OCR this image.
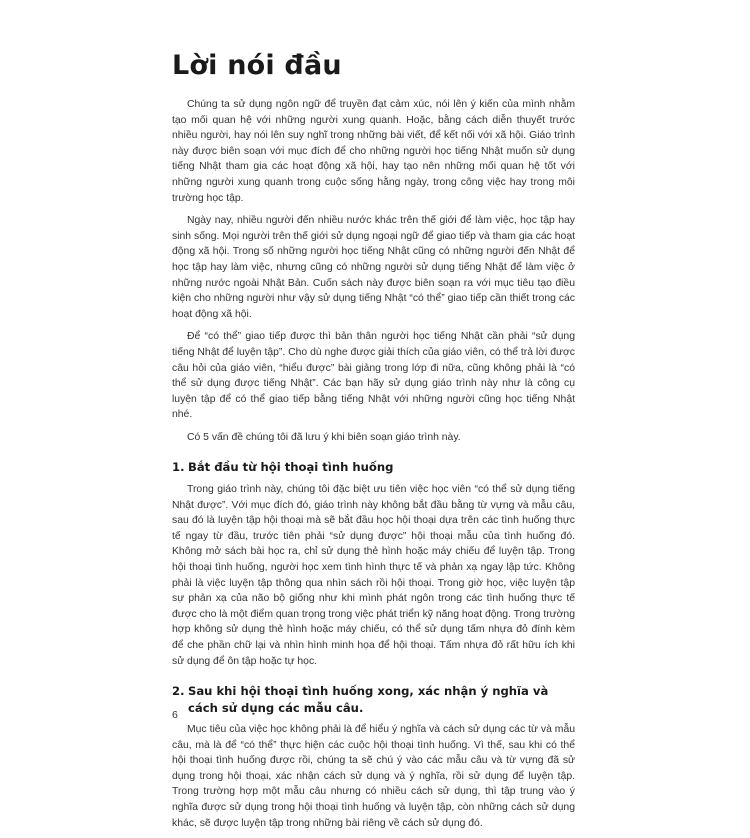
Lời nói đầu

Chúng ta sử dụng ngôn ngữ để truyền đạt cảm xúc, nói lên ý kiến của mình nhằm tạo mối quan hệ với những người xung quanh. Hoặc, bằng cách diễn thuyết trước nhiều người, hay nói lên suy nghĩ trong những bài viết, để kết nối với xã hội. Giáo trình này được biên soạn với mục đích để cho những người học tiếng Nhật muốn sử dụng tiếng Nhật tham gia các hoạt động xã hội, hay tạo nên những mối quan hệ tốt với những người xung quanh trong cuộc sống hằng ngày, trong công việc hay trong môi trường học tập.

Ngày nay, nhiều người đến nhiều nước khác trên thế giới để làm việc, học tập hay sinh sống. Mọi người trên thế giới sử dụng ngoại ngữ để giao tiếp và tham gia các hoạt động xã hội. Trong số những người học tiếng Nhật cũng có những người đến Nhật để học tập hay làm việc, nhưng cũng có những người sử dụng tiếng Nhật để làm việc ở những nước ngoài Nhật Bản. Cuốn sách này được biên soạn ra với mục tiêu tạo điều kiện cho những người như vậy sử dụng tiếng Nhật “có thể” giao tiếp cần thiết trong các hoạt động xã hội.

Để “có thể” giao tiếp được thì bản thân người học tiếng Nhật cần phải “sử dụng tiếng Nhật để luyện tập”. Cho dù nghe được giải thích của giáo viên, có thể trả lời được câu hỏi của giáo viên, “hiểu được” bài giảng trong lớp đi nữa, cũng không phải là “có thể sử dụng được tiếng Nhật”. Các bạn hãy sử dụng giáo trình này như là công cụ luyện tập để có thể giao tiếp bằng tiếng Nhật với những người cũng học tiếng Nhật nhé.

Có 5 vấn đề chúng tôi đã lưu ý khi biên soạn giáo trình này.

1. Bắt đầu từ hội thoại tình huống

Trong giáo trình này, chúng tôi đặc biệt ưu tiên việc học viên “có thể sử dụng tiếng Nhật được”. Với mục đích đó, giáo trình này không bắt đầu bằng từ vựng và mẫu câu, sau đó là luyện tập hội thoại mà sẽ bắt đầu học hội thoại dựa trên các tình huống thực tế ngay từ đầu, trước tiên phải “sử dụng được” hội thoại mẫu của tình huống đó. Không mở sách bài học ra, chỉ sử dụng thẻ hình hoặc máy chiếu để luyện tập. Trong hội thoại tình huống, người học xem tình hình thực tế và phản xạ ngay lập tức. Không phải là việc luyện tập thông qua nhìn sách rồi hội thoại. Trong giờ học, việc luyện tập sự phản xạ của não bộ giống như khi mình phát ngôn trong các tình huống thực tế được cho là một điểm quan trọng trong việc phát triển kỹ năng hoạt động. Trong trường hợp không sử dụng thẻ hình hoặc máy chiếu, có thể sử dụng tấm nhựa đỏ đính kèm để che phần chữ lại và nhìn hình minh họa để hội thoại. Tấm nhựa đỏ rất hữu ích khi sử dụng để ôn tập hoặc tự học.

2. Sau khi hội thoại tình huống xong, xác nhận ý nghĩa và cách sử dụng các mẫu câu.

Mục tiêu của việc học không phải là để hiểu ý nghĩa và cách sử dụng các từ và mẫu câu, mà là để “có thể” thực hiện các cuộc hội thoại tình huống. Vì thế, sau khi có thể hội thoại tình huống được rồi, chúng ta sẽ chú ý vào các mẫu câu và từ vựng đã sử dụng trong hội thoại, xác nhận cách sử dụng và ý nghĩa, rồi sử dụng để luyện tập. Trong trường hợp một mẫu câu nhưng có nhiều cách sử dụng, thì tập trung vào ý nghĩa được sử dụng trong hội thoại tình huống và luyện tập, còn những cách sử dụng khác, sẽ được luyện tập trong những bài riêng về cách sử dụng đó.

6
